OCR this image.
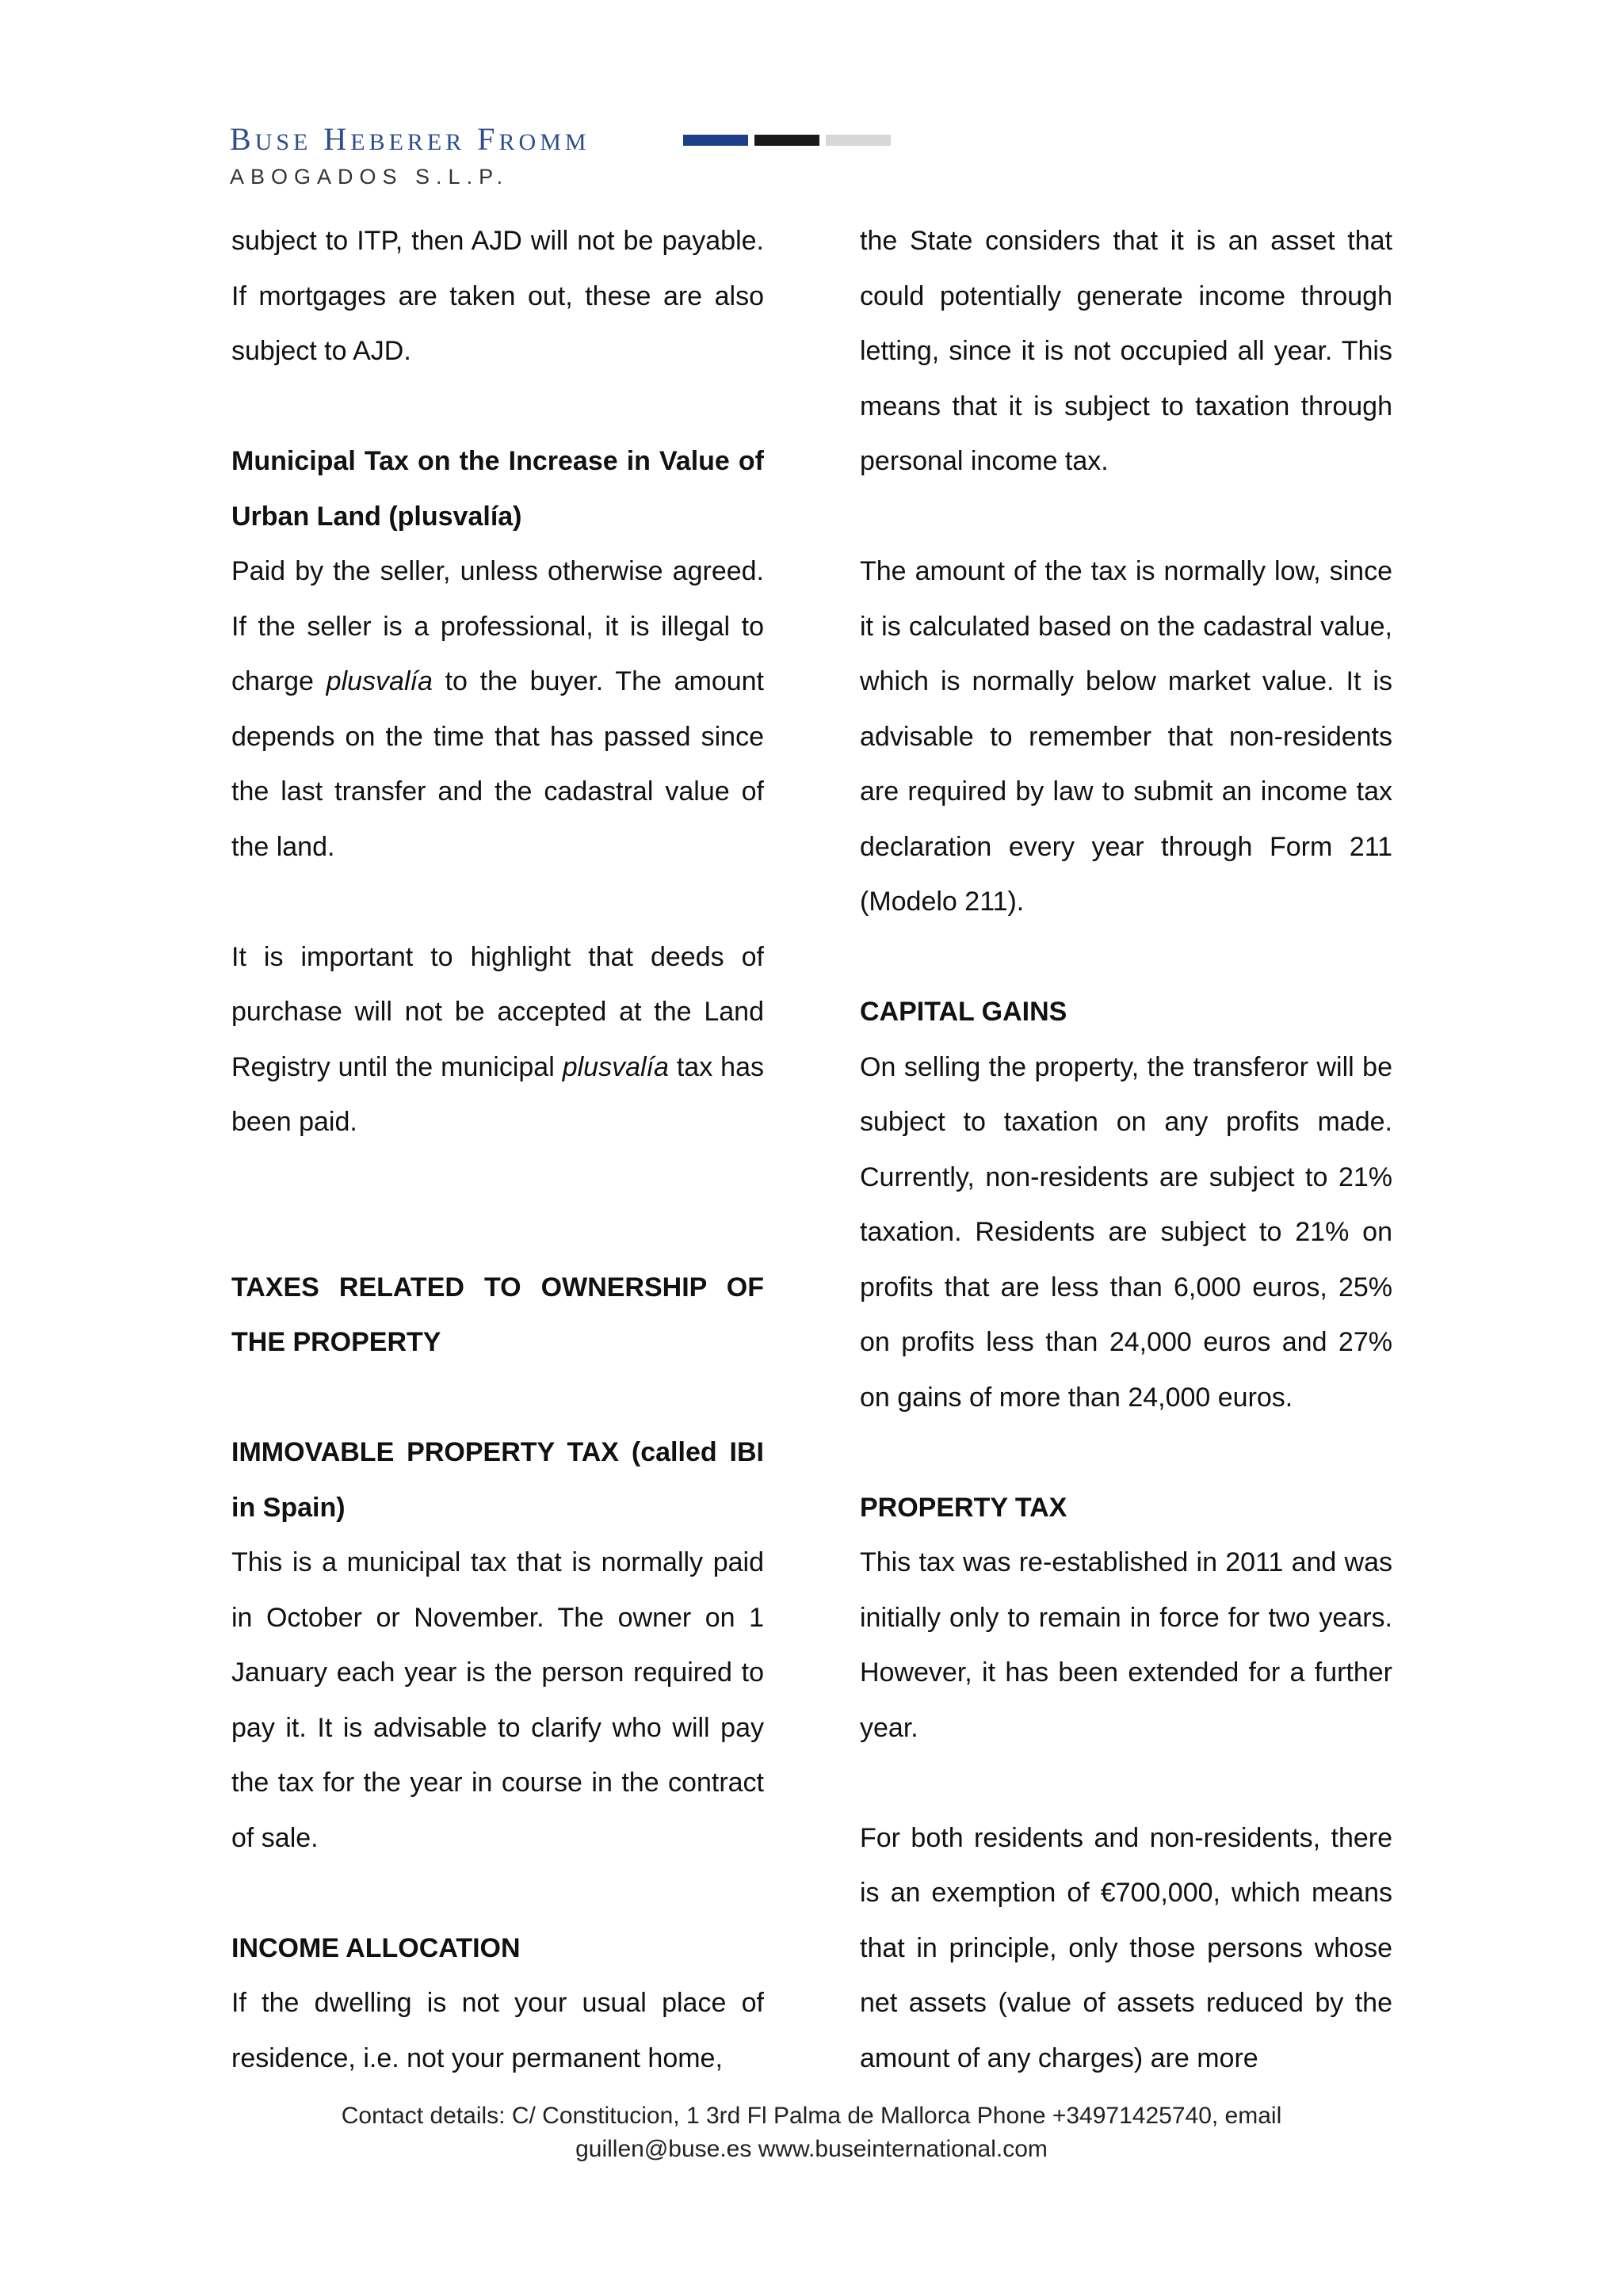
BUSE HEBERER FROMM
ABOGADOS S.L.P.

subject to ITP, then AJD will not be payable. If mortgages are taken out, these are also subject to AJD.

Municipal Tax on the Increase in Value of Urban Land (plusvalía)

Paid by the seller, unless otherwise agreed. If the seller is a professional, it is illegal to charge plusvalía to the buyer. The amount depends on the time that has passed since the last transfer and the cadastral value of the land.

It is important to highlight that deeds of purchase will not be accepted at the Land Registry until the municipal plusvalía tax has been paid.

TAXES RELATED TO OWNERSHIP OF THE PROPERTY
IMMOVABLE PROPERTY TAX (called IBI in Spain)

This is a municipal tax that is normally paid in October or November. The owner on 1 January each year is the person required to pay it. It is advisable to clarify who will pay the tax for the year in course in the contract of sale.

INCOME ALLOCATION

If the dwelling is not your usual place of residence, i.e. not your permanent home,

the State considers that it is an asset that could potentially generate income through letting, since it is not occupied all year. This means that it is subject to taxation through personal income tax.

The amount of the tax is normally low, since it is calculated based on the cadastral value, which is normally below market value. It is advisable to remember that non-residents are required by law to submit an income tax declaration every year through Form 211 (Modelo 211).

CAPITAL GAINS

On selling the property, the transferor will be subject to taxation on any profits made. Currently, non-residents are subject to 21% taxation. Residents are subject to 21% on profits that are less than 6,000 euros, 25% on profits less than 24,000 euros and 27% on gains of more than 24,000 euros.

PROPERTY TAX

This tax was re-established in 2011 and was initially only to remain in force for two years. However, it has been extended for a further year.

For both residents and non-residents, there is an exemption of €700,000, which means that in principle, only those persons whose net assets (value of assets reduced by the amount of any charges) are more

Contact details: C/ Constitucion, 1 3rd Fl Palma de Mallorca Phone +34971425740, email
guillen@buse.es www.buseinternational.com
